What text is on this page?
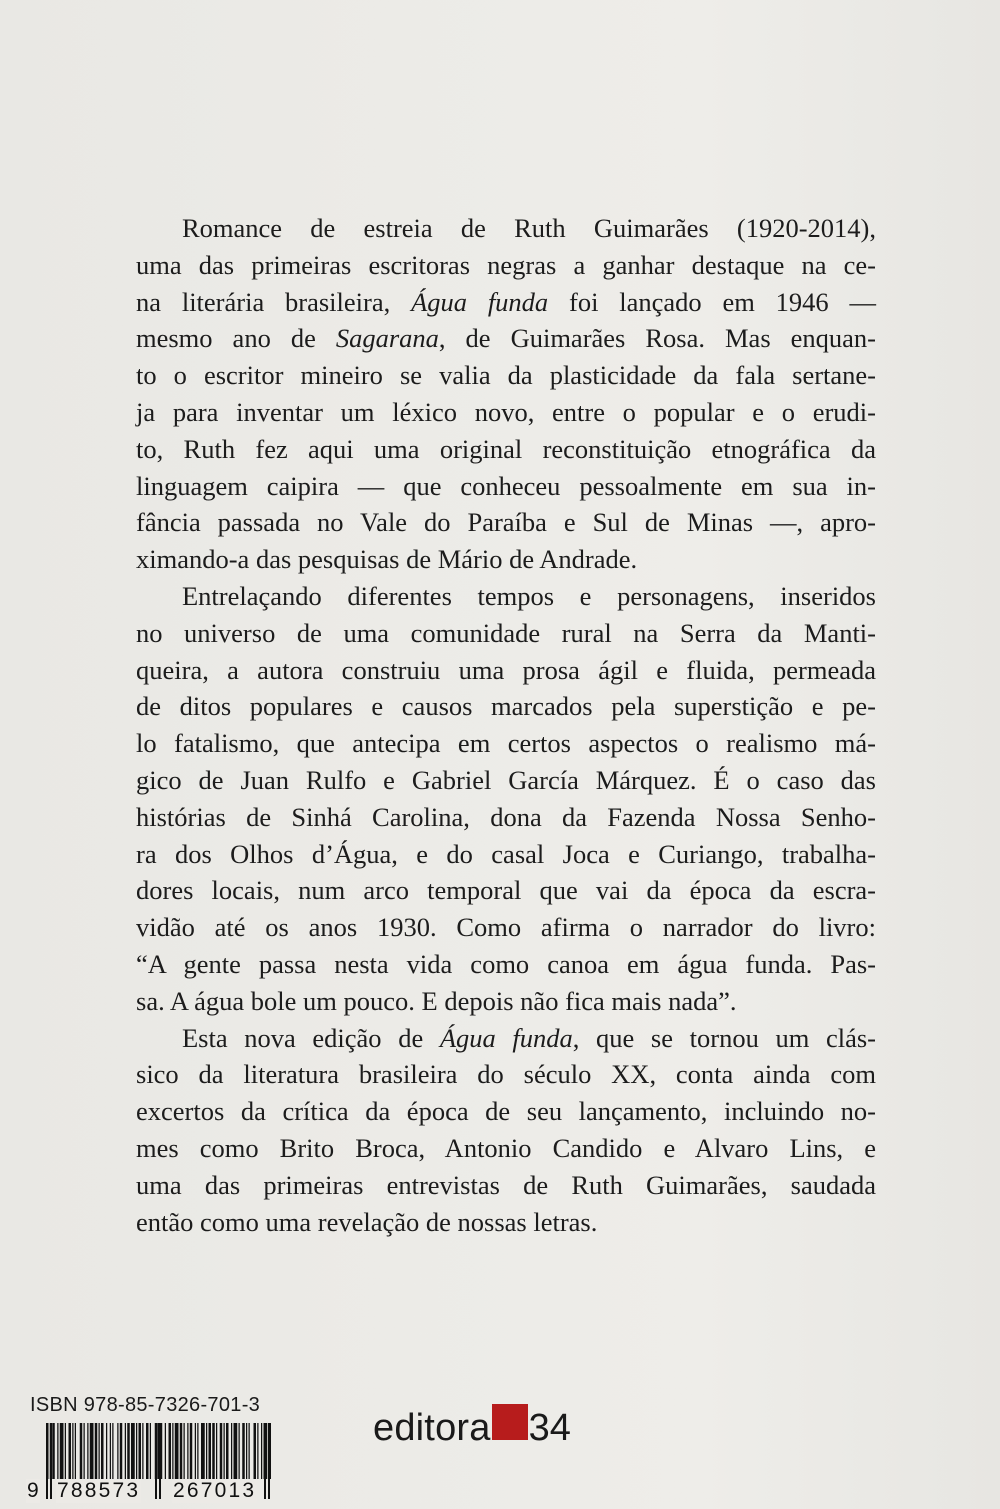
Romance de estreia de Ruth Guimarães (1920-2014),
uma das primeiras escritoras negras a ganhar destaque na ce-
na literária brasileira, Água funda foi lançado em 1946 —
mesmo ano de Sagarana, de Guimarães Rosa. Mas enquan-
to o escritor mineiro se valia da plasticidade da fala sertane-
ja para inventar um léxico novo, entre o popular e o erudi-
to, Ruth fez aqui uma original reconstituição etnográfica da
linguagem caipira — que conheceu pessoalmente em sua in-
fância passada no Vale do Paraíba e Sul de Minas —, apro-
ximando-a das pesquisas de Mário de Andrade.
Entrelaçando diferentes tempos e personagens, inseridos
no universo de uma comunidade rural na Serra da Manti-
queira, a autora construiu uma prosa ágil e fluida, permeada
de ditos populares e causos marcados pela superstição e pe-
lo fatalismo, que antecipa em certos aspectos o realismo má-
gico de Juan Rulfo e Gabriel García Márquez. É o caso das
histórias de Sinhá Carolina, dona da Fazenda Nossa Senho-
ra dos Olhos d’Água, e do casal Joca e Curiango, trabalha-
dores locais, num arco temporal que vai da época da escra-
vidão até os anos 1930. Como afirma o narrador do livro:
“A gente passa nesta vida como canoa em água funda. Pas-
sa. A água bole um pouco. E depois não fica mais nada”.
Esta nova edição de Água funda, que se tornou um clás-
sico da literatura brasileira do século XX, conta ainda com
excertos da crítica da época de seu lançamento, incluindo no-
mes como Brito Broca, Antonio Candido e Alvaro Lins, e
uma das primeiras entrevistas de Ruth Guimarães, saudada
então como uma revelação de nossas letras.
ISBN 978-85-7326-701-3
9 788573 267013
editora 34
